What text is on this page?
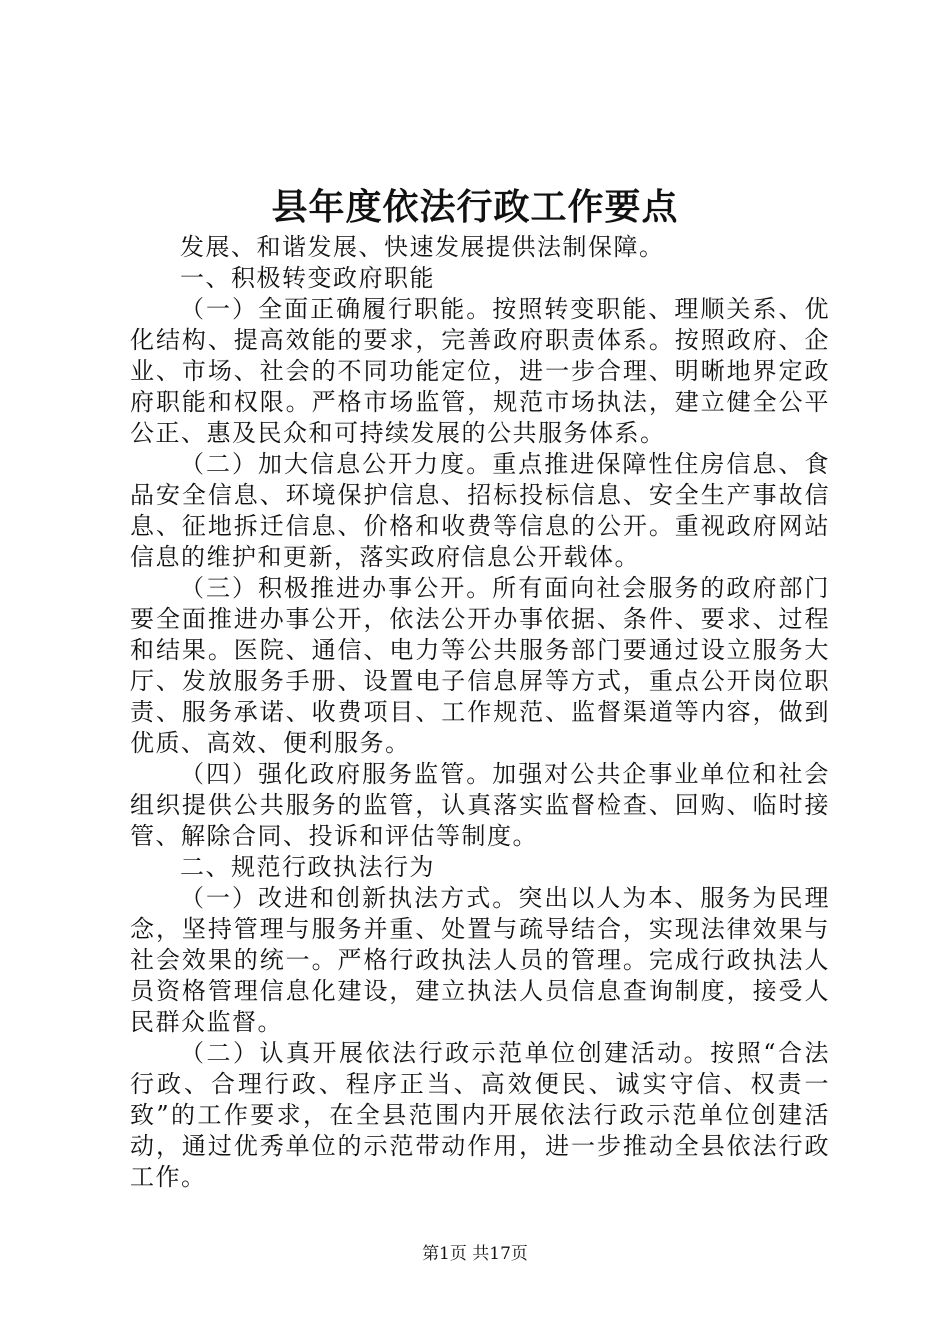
县年度依法行政工作要点

发展、和谐发展、快速发展提供法制保障。

一、积极转变政府职能

（一）全面正确履行职能。按照转变职能、理顺关系、优化结构、提高效能的要求，完善政府职责体系。按照政府、企业、市场、社会的不同功能定位，进一步合理、明晰地界定政府职能和权限。严格市场监管，规范市场执法，建立健全公平公正、惠及民众和可持续发展的公共服务体系。

（二）加大信息公开力度。重点推进保障性住房信息、食品安全信息、环境保护信息、招标投标信息、安全生产事故信息、征地拆迁信息、价格和收费等信息的公开。重视政府网站信息的维护和更新，落实政府信息公开载体。

（三）积极推进办事公开。所有面向社会服务的政府部门要全面推进办事公开，依法公开办事依据、条件、要求、过程和结果。医院、通信、电力等公共服务部门要通过设立服务大厅、发放服务手册、设置电子信息屏等方式，重点公开岗位职责、服务承诺、收费项目、工作规范、监督渠道等内容，做到优质、高效、便利服务。

（四）强化政府服务监管。加强对公共企事业单位和社会组织提供公共服务的监管，认真落实监督检查、回购、临时接管、解除合同、投诉和评估等制度。

二、规范行政执法行为

（一）改进和创新执法方式。突出以人为本、服务为民理念，坚持管理与服务并重、处置与疏导结合，实现法律效果与社会效果的统一。严格行政执法人员的管理。完成行政执法人员资格管理信息化建设，建立执法人员信息查询制度，接受人民群众监督。

（二）认真开展依法行政示范单位创建活动。按照“合法行政、合理行政、程序正当、高效便民、诚实守信、权责一致”的工作要求，在全县范围内开展依法行政示范单位创建活动，通过优秀单位的示范带动作用，进一步推动全县依法行政工作。

第1页 共17页
